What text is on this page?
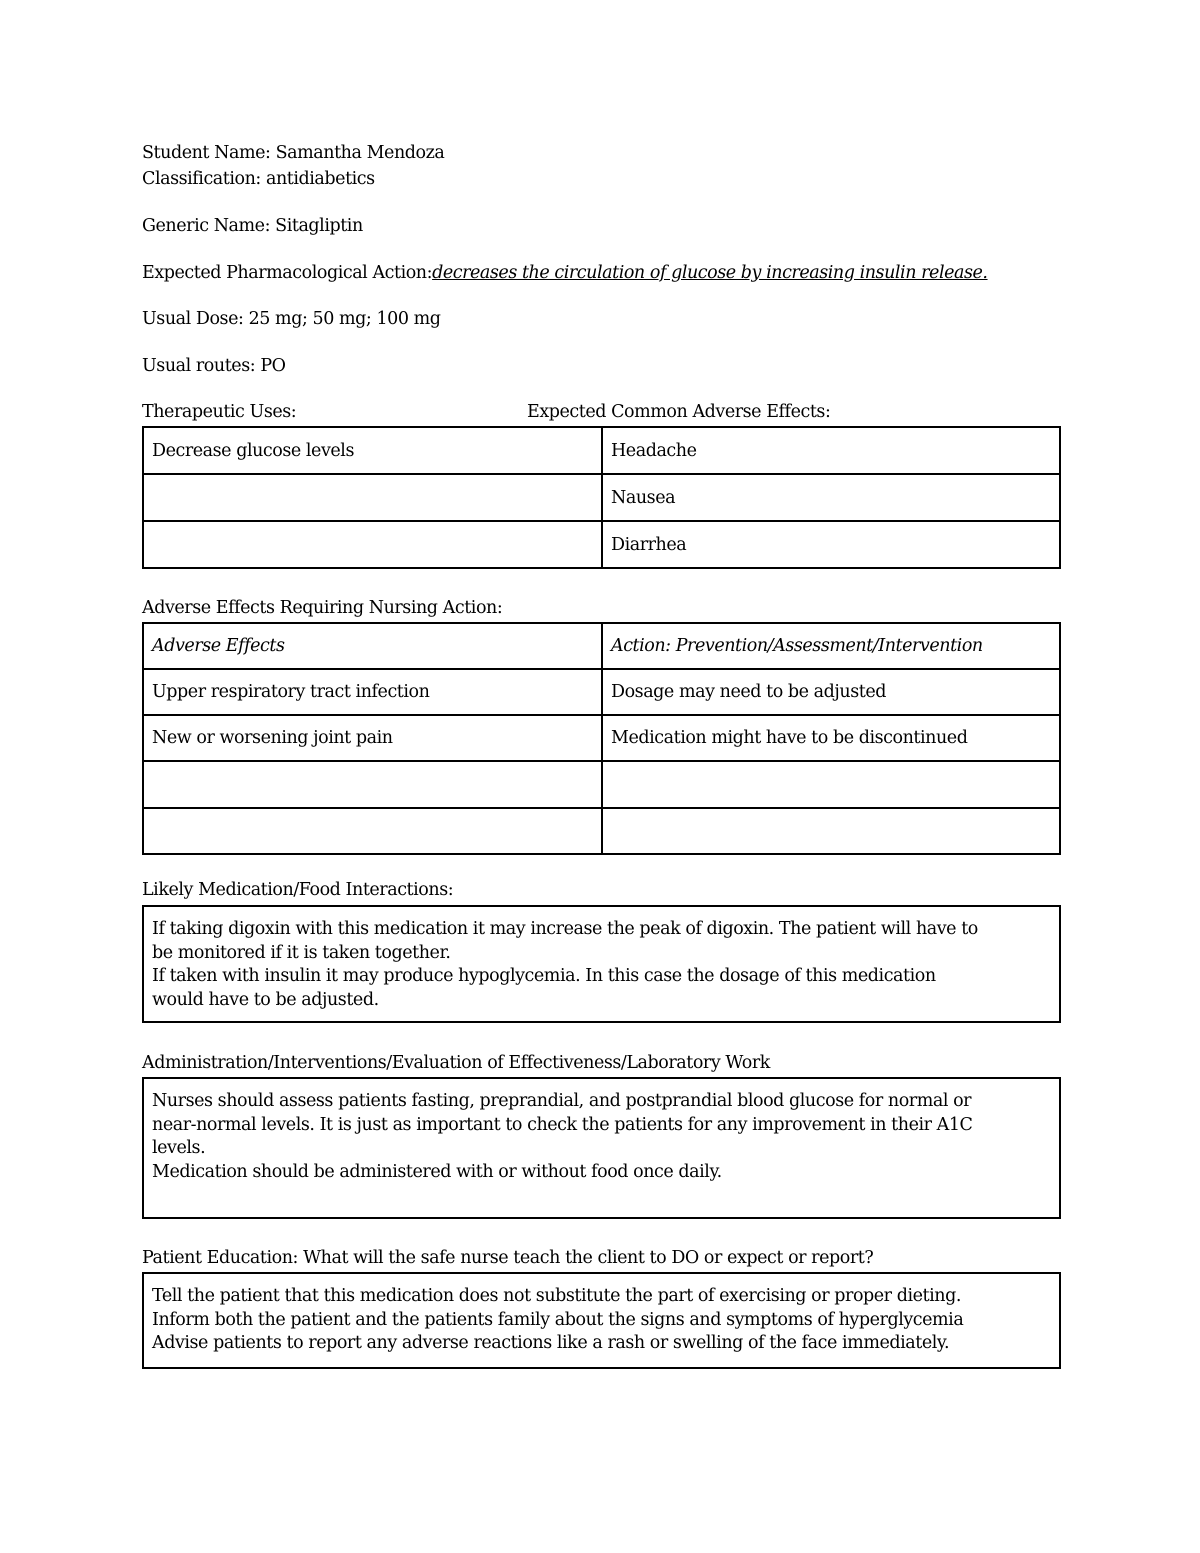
Student Name: Samantha Mendoza
Classification: antidiabetics
Generic Name: Sitagliptin
Expected Pharmacological Action:decreases the circulation of glucose by increasing insulin release.
Usual Dose: 25 mg; 50 mg; 100 mg
Usual routes: PO
Therapeutic Uses:	Expected Common Adverse Effects:
Decrease glucose levels	Headache
	Nausea
	Diarrhea
Adverse Effects Requiring Nursing Action:
Adverse Effects	Action: Prevention/Assessment/Intervention
Upper respiratory tract infection	Dosage may need to be adjusted
New or worsening joint pain	Medication might have to be discontinued

Likely Medication/Food Interactions:

If taking digoxin with this medication it may increase the peak of digoxin. The patient will have to

be monitored if it is taken together.

If taken with insulin it may produce hypoglycemia. In this case the dosage of this medication

would have to be adjusted.

Administration/Interventions/Evaluation of Effectiveness/Laboratory Work

Nurses should assess patients fasting, preprandial, and postprandial blood glucose for normal or

near-normal levels. It is just as important to check the patients for any improvement in their A1C

levels.

Medication should be administered with or without food once daily.

Patient Education: What will the safe nurse teach the client to DO or expect or report?

Tell the patient that this medication does not substitute the part of exercising or proper dieting.

Inform both the patient and the patients family about the signs and symptoms of hyperglycemia

Advise patients to report any adverse reactions like a rash or swelling of the face immediately.
